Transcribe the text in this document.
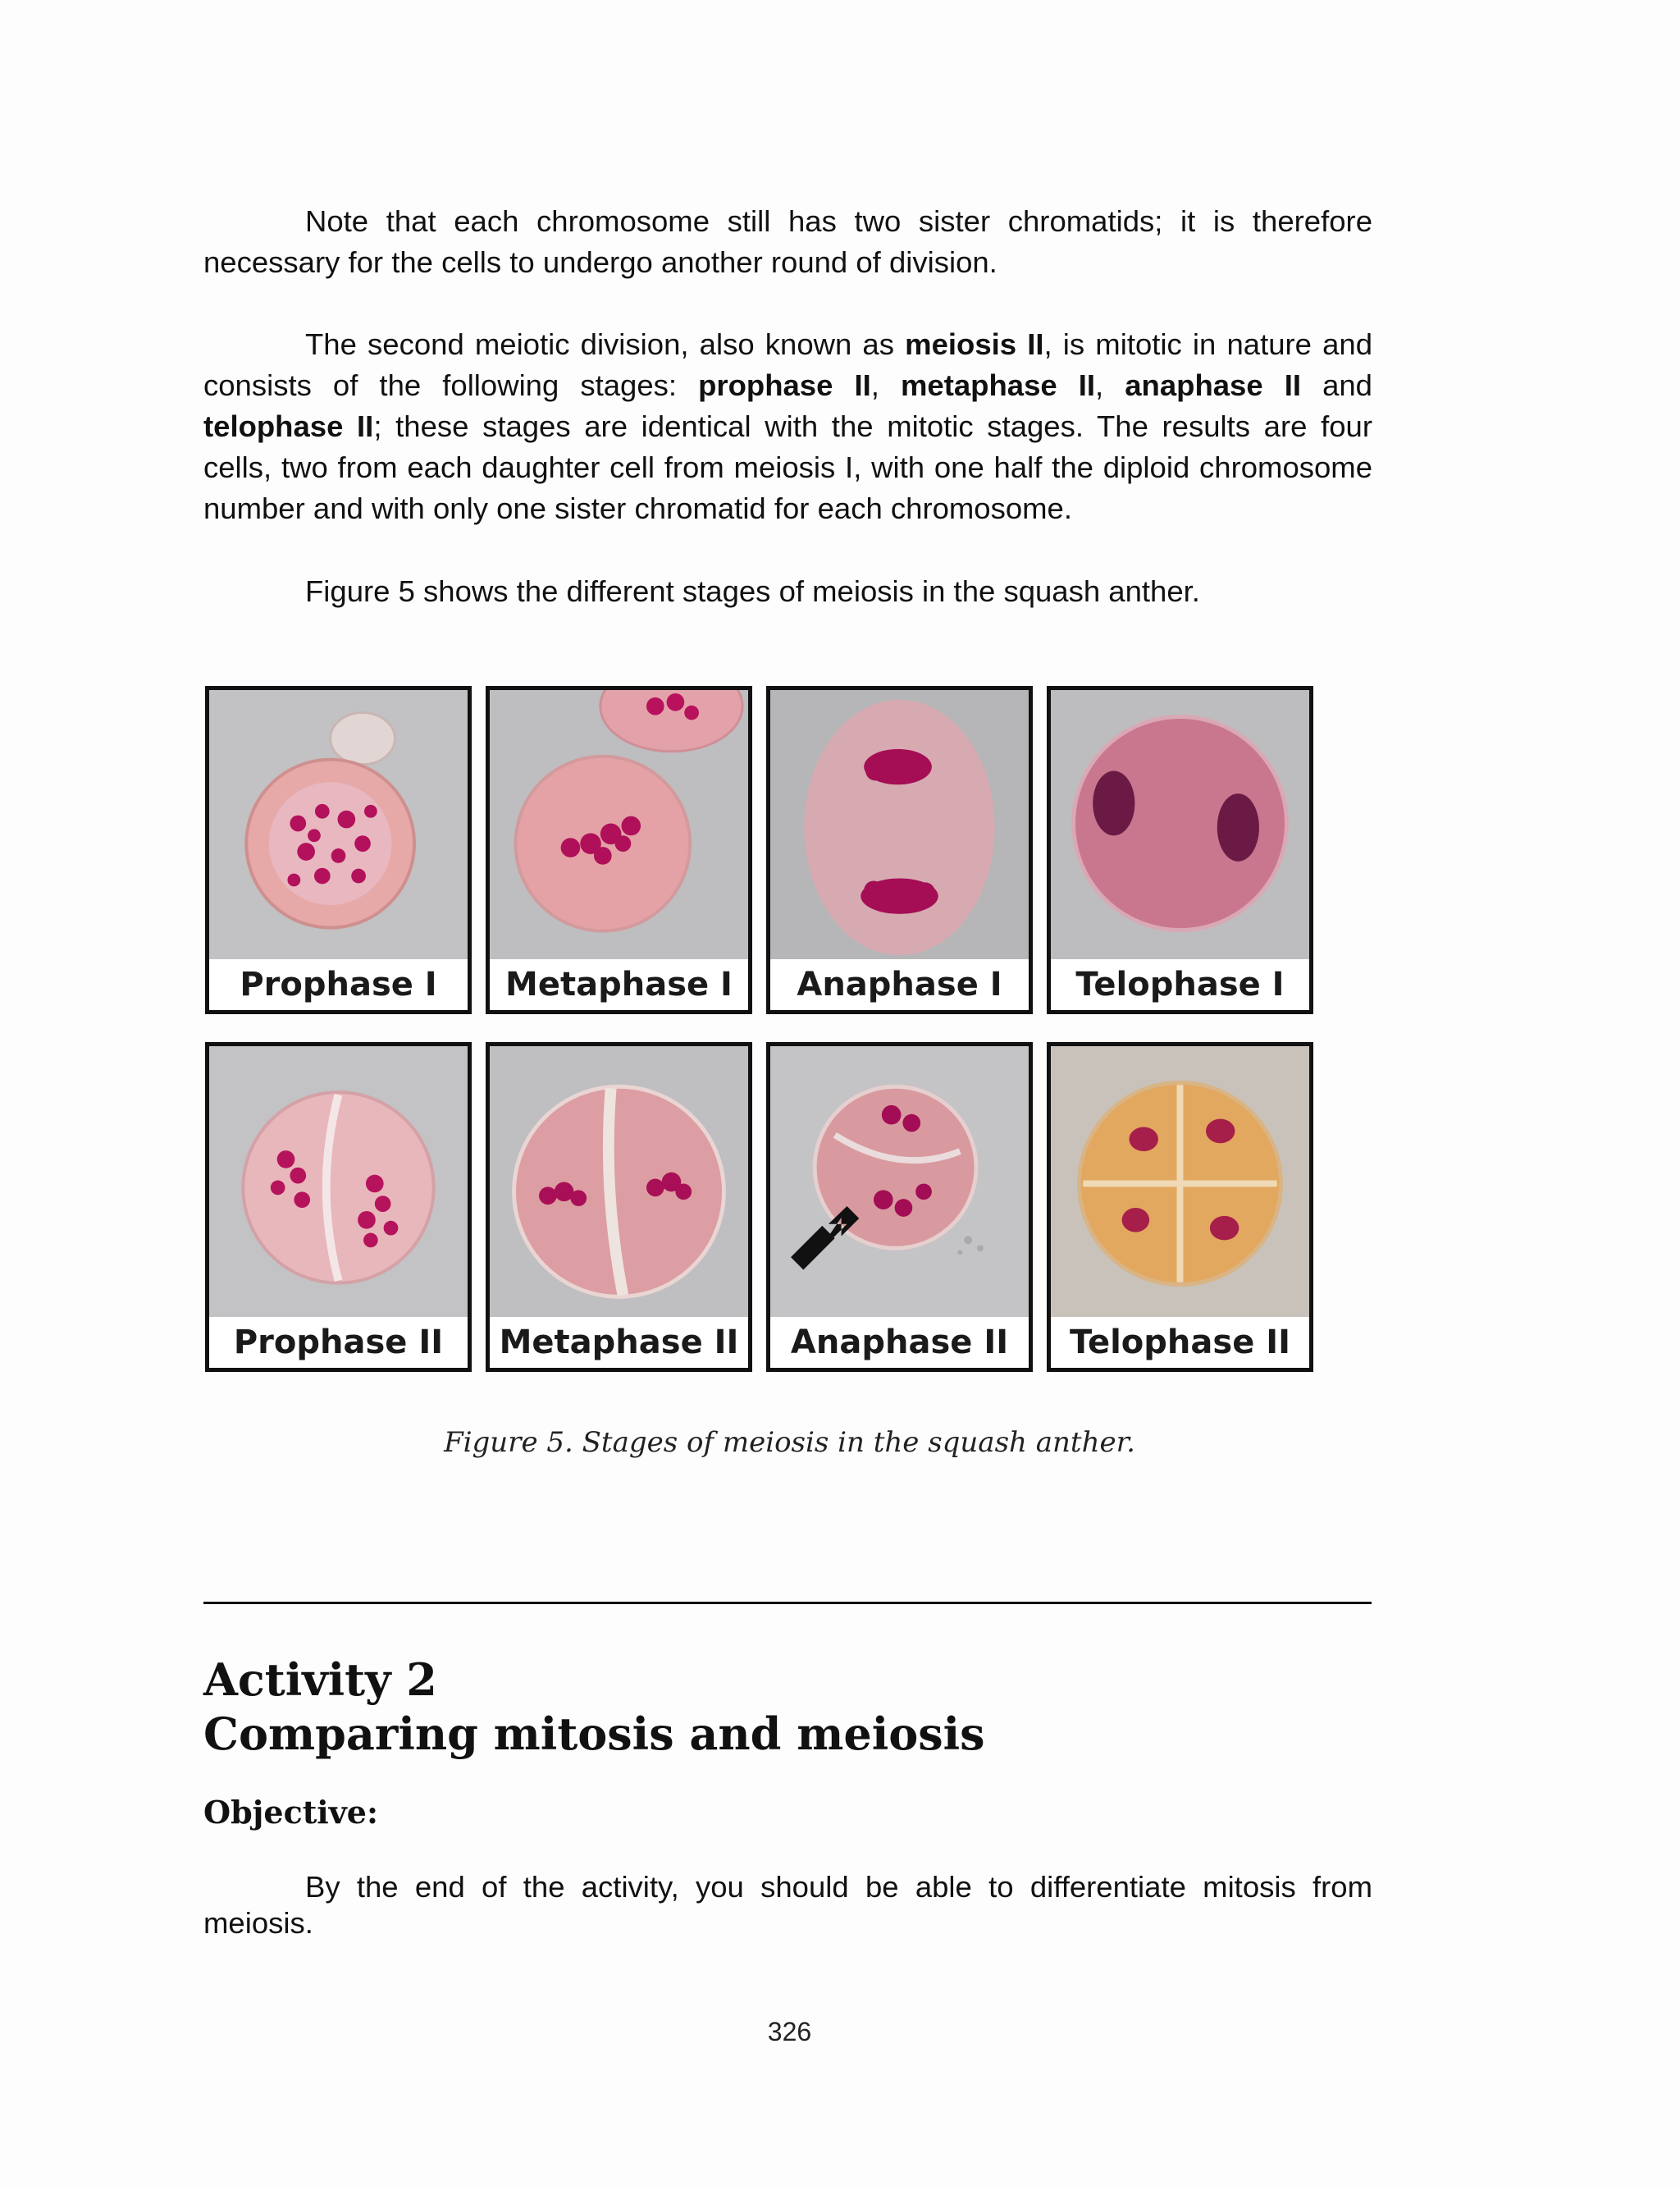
Note that each chromosome still has two sister chromatids; it is therefore necessary for the cells to undergo another round of division.

The second meiotic division, also known as meiosis II, is mitotic in nature and consists of the following stages: prophase II, metaphase II, anaphase II and telophase II; these stages are identical with the mitotic stages. The results are four cells, two from each daughter cell from meiosis I, with one half the diploid chromosome number and with only one sister chromatid for each chromosome.

Figure 5 shows the different stages of meiosis in the squash anther.

Prophase I	Metaphase I	Anaphase I	Telophase I
Prophase II	Metaphase II	Anaphase II	Telophase II
Figure 5. Stages of meiosis in the squash anther.
Activity 2
Comparing mitosis and meiosis
Objective:

By the end of the activity, you should be able to differentiate mitosis from meiosis.

326
